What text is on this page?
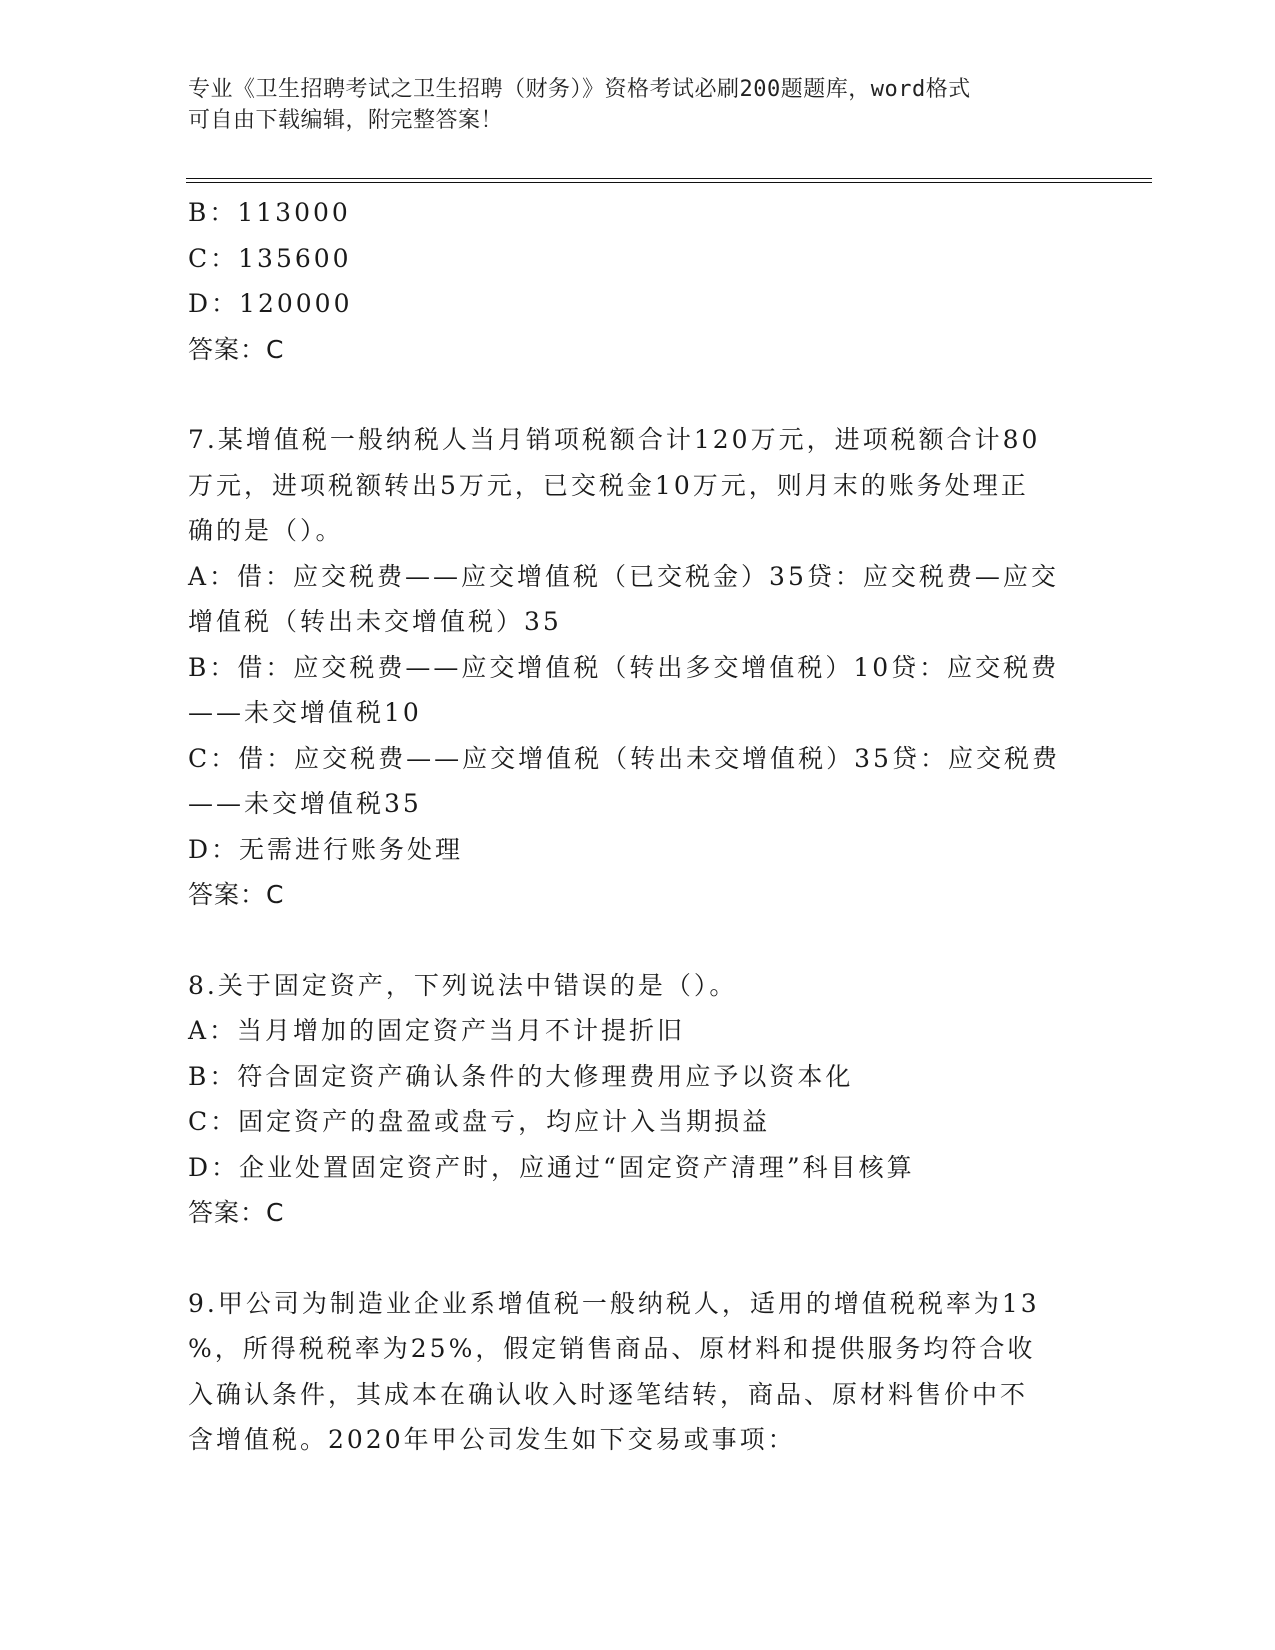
专业《卫生招聘考试之卫生招聘（财务）》资格考试必刷200题题库，word格式
可自由下载编辑，附完整答案！

B：113000

C：135600

D：120000

答案：C

7.某增值税一般纳税人当月销项税额合计120万元，进项税额合计80

万元，进项税额转出5万元，已交税金10万元，则月末的账务处理正

确的是（）。

A：借：应交税费——应交增值税（已交税金）35贷：应交税费—应交

增值税（转出未交增值税）35

B：借：应交税费——应交增值税（转出多交增值税）10贷：应交税费

——未交增值税10

C：借：应交税费——应交增值税（转出未交增值税）35贷：应交税费

——未交增值税35

D：无需进行账务处理

答案：C

8.关于固定资产，下列说法中错误的是（）。

A：当月增加的固定资产当月不计提折旧

B：符合固定资产确认条件的大修理费用应予以资本化

C：固定资产的盘盈或盘亏，均应计入当期损益

D：企业处置固定资产时，应通过“固定资产清理”科目核算

答案：C

9.甲公司为制造业企业系增值税一般纳税人，适用的增值税税率为13

%，所得税税率为25%，假定销售商品、原材料和提供服务均符合收

入确认条件，其成本在确认收入时逐笔结转，商品、原材料售价中不

含增值税。2020年甲公司发生如下交易或事项：
